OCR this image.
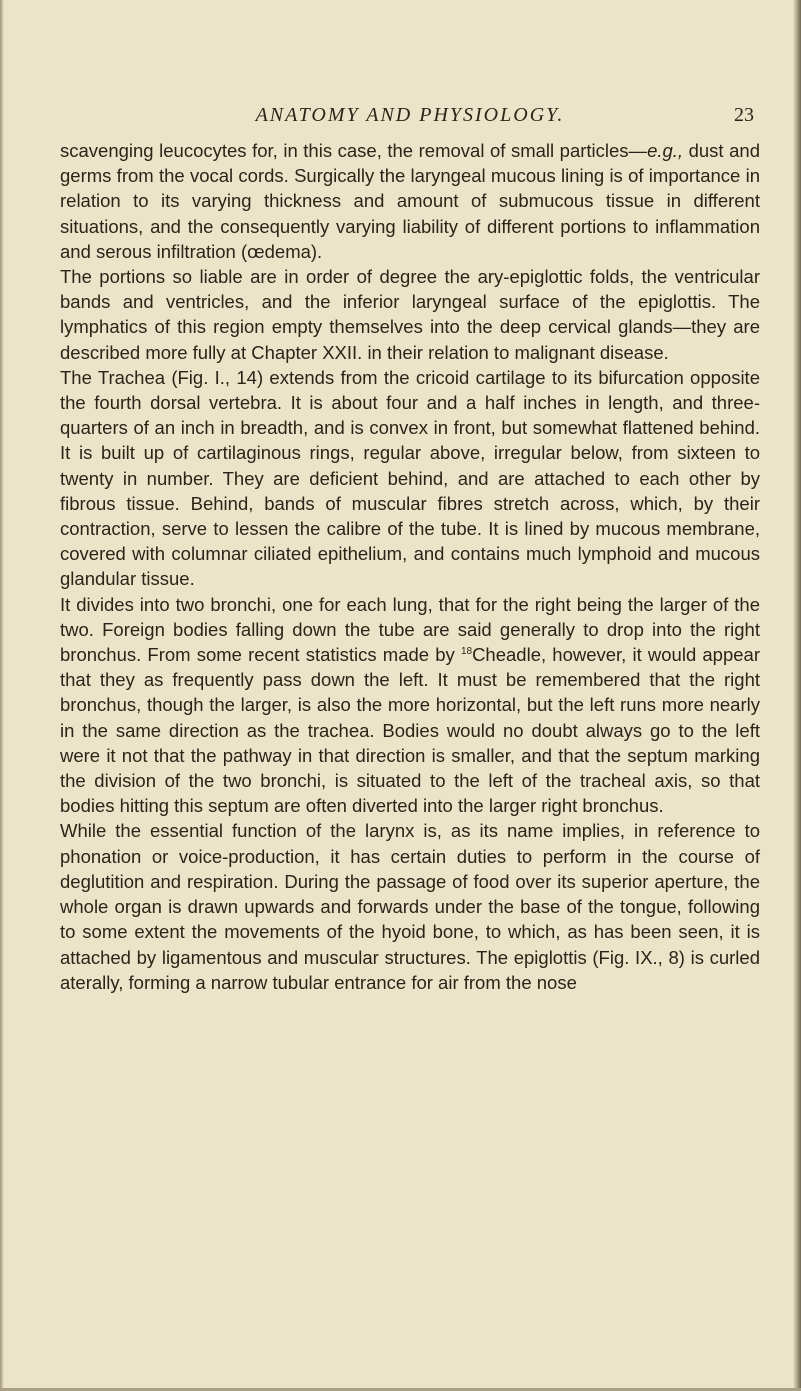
ANATOMY AND PHYSIOLOGY.	23

scavenging leucocytes for, in this case, the removal of small particles—e.g., dust and germs from the vocal cords. Surgically the laryngeal mucous lining is of importance in relation to its varying thickness and amount of submucous tissue in different situations, and the consequently varying liability of different portions to inflammation and serous infiltration (œdema).

The portions so liable are in order of degree the ary-epiglottic folds, the ventricular bands and ventricles, and the inferior laryngeal surface of the epiglottis. The lymphatics of this region empty themselves into the deep cervical glands—they are described more fully at Chapter XXII. in their relation to malignant disease.

The Trachea (Fig. I., 14) extends from the cricoid cartilage to its bifurcation opposite the fourth dorsal vertebra. It is about four and a half inches in length, and three-quarters of an inch in breadth, and is convex in front, but somewhat flattened behind. It is built up of cartilaginous rings, regular above, irregular below, from sixteen to twenty in number. They are deficient behind, and are attached to each other by fibrous tissue. Behind, bands of muscular fibres stretch across, which, by their contraction, serve to lessen the calibre of the tube. It is lined by mucous membrane, covered with columnar ciliated epithelium, and contains much lymphoid and mucous glandular tissue.

It divides into two bronchi, one for each lung, that for the right being the larger of the two. Foreign bodies falling down the tube are said generally to drop into the right bronchus. From some recent statistics made by $^{18}$Cheadle, however, it would appear that they as frequently pass down the left. It must be remembered that the right bronchus, though the larger, is also the more horizontal, but the left runs more nearly in the same direction as the trachea. Bodies would no doubt always go to the left were it not that the pathway in that direction is smaller, and that the septum marking the division of the two bronchi, is situated to the left of the tracheal axis, so that bodies hitting this septum are often diverted into the larger right bronchus.

While the essential function of the larynx is, as its name implies, in reference to phonation or voice-production, it has certain duties to perform in the course of deglutition and respiration. During the passage of food over its superior aperture, the whole organ is drawn upwards and forwards under the base of the tongue, following to some extent the movements of the hyoid bone, to which, as has been seen, it is attached by ligamentous and muscular structures. The epiglottis (Fig. IX., 8) is curled aterally, forming a narrow tubular entrance for air from the nose
